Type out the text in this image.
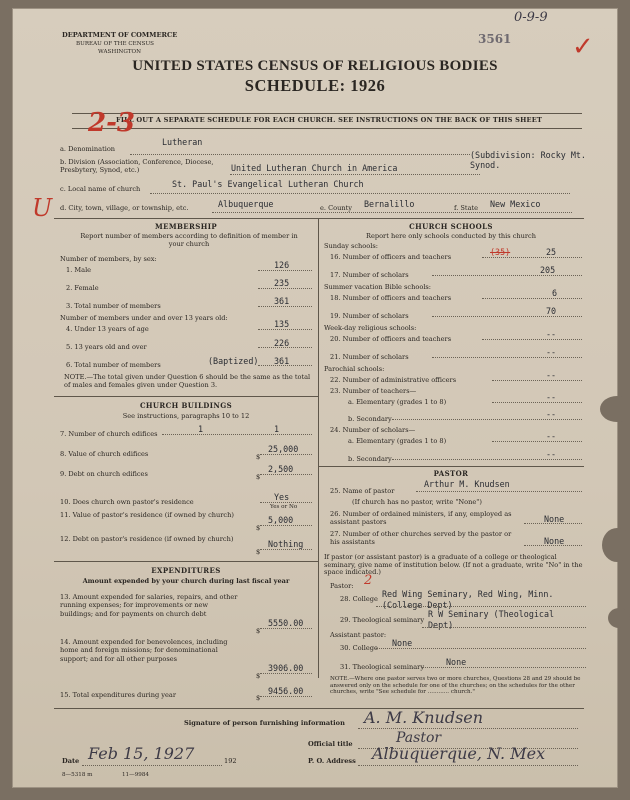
DEPARTMENT OF COMMERCE
BUREAU OF THE CENSUS
WASHINGTON
3561
0-9-9
✓
UNITED STATES CENSUS OF RELIGIOUS BODIES
SCHEDULE: 1926
FILL OUT A SEPARATE SCHEDULE FOR EACH CHURCH. SEE INSTRUCTIONS ON THE BACK OF THIS SHEET
2-3
U
a. Denomination
Lutheran
b. Division (Association, Conference, Diocese, Presbytery, Synod, etc.)	United Lutheran Church in America
(Subdivision: Rocky Mt. Synod.
c. Local name of church	St. Paul's Evangelical Lutheran Church
d. City, town, village, or township, etc.	Albuquerque	e. County Bernalillo	f. State New Mexico
MEMBERSHIP
Report number of members according to definition of member in your church
Number of members, by sex:
1. Male	126
2. Female	235
3. Total number of members	361
Number of members under and over 13 years old:
4. Under 13 years of age	135
5. 13 years old and over	226
6. Total number of members	(Baptized) 361
NOTE.—The total given under Question 6 should be the same as the total of males and females given under Question 3.
CHURCH BUILDINGS
See instructions, paragraphs 10 to 12
7. Number of church edifices	1	1
8. Value of church edifices	$
25,000
9. Debt on church edifices	$
2,500
10. Does church own pastor's residence	Yes
Yes or No
11. Value of pastor's residence (if owned by church)
$
5,000
12. Debt on pastor's residence (if owned by church)
$
Nothing
EXPENDITURES
Amount expended by your church during last fiscal year
13. Amount expended for salaries, repairs, and other running expenses; for improvements or new buildings; and for payments on church debt
$
5550.00
14. Amount expended for benevolences, including home and foreign missions; for denominational support; and for all other purposes
$
3906.00
15. Total expenditures during year	$
9456.00
CHURCH SCHOOLS
Report here only schools conducted by this church
Sunday schools:
16. Number of officers and teachers	(35)	25
17. Number of scholars	205
Summer vacation Bible schools:
18. Number of officers and teachers	6
19. Number of scholars	70
Week-day religious schools:
20. Number of officers and teachers	--
21. Number of scholars	--
Parochial schools:
22. Number of administrative officers	--
23. Number of teachers—
a. Elementary (grades 1 to 8)	--
b. Secondary	--
24. Number of scholars—
a. Elementary (grades 1 to 8)	--
b. Secondary	--
PASTOR
25. Name of pastor
Arthur M. Knudsen
(If church has no pastor, write "None")
26. Number of ordained ministers, if any, employed as assistant pastors	None
27. Number of other churches served by the pastor or his assistants	None
If pastor (or assistant pastor) is a graduate of a college or theological seminary, give name of institution below. (If not a graduate, write "No" in the space indicated.)
Pastor: 2
28. College Red Wing Seminary, Red Wing, Minn. (College Dept)
29. Theological seminary
R W Seminary (Theological Dept)
Assistant pastor:
30. College None
31. Theological seminary	None
NOTE.—Where one pastor serves two or more churches, Questions 28 and 29 should be answered only on the schedule for one of the churches; on the schedules for the other churches, write "See schedule for ............ church."
Signature of person furnishing information A. M. Knudsen
Official title	Pastor
Date Feb 15, 1927	192	P. O. Address Albuquerque, N. Mex
8—5318 m	11—9984
